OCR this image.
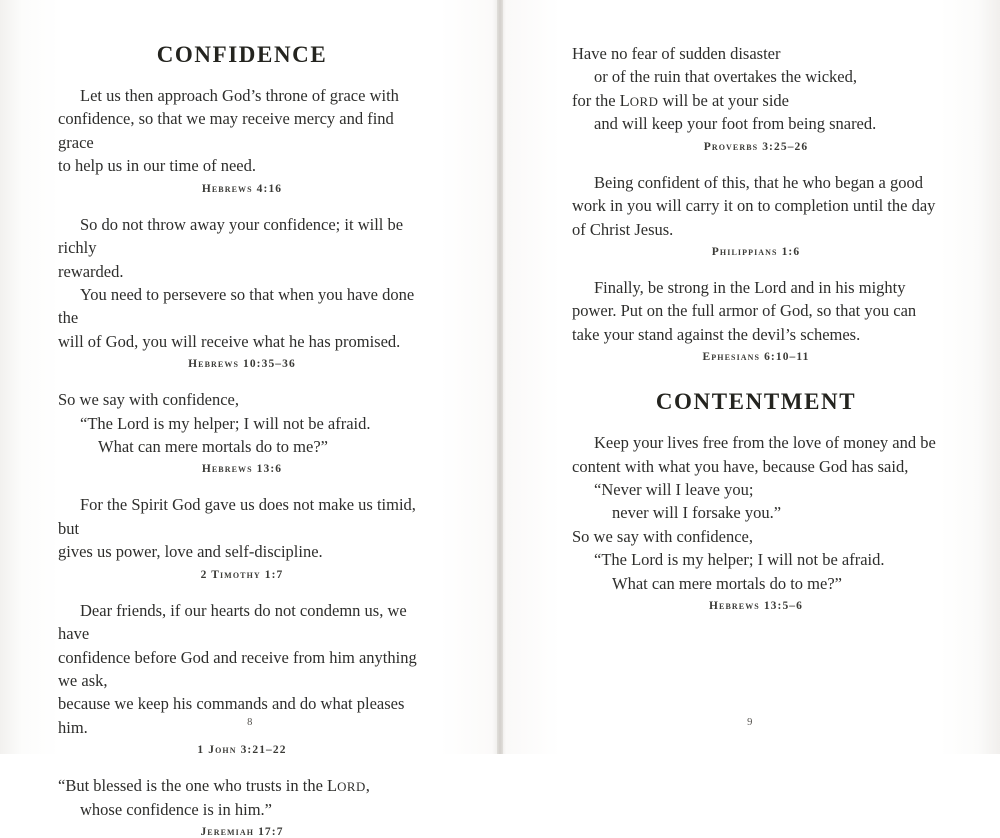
CONFIDENCE

Let us then approach God’s throne of grace with

confidence, so that we may receive mercy and find grace

to help us in our time of need.

Hebrews 4:16

So do not throw away your confidence; it will be richly

rewarded.

You need to persevere so that when you have done the

will of God, you will receive what he has promised.

Hebrews 10:35–36

So we say with confidence,

“The Lord is my helper; I will not be afraid.

What can mere mortals do to me?”

Hebrews 13:6

For the Spirit God gave us does not make us timid, but

gives us power, love and self-discipline.

2 Timothy 1:7

Dear friends, if our hearts do not condemn us, we have

confidence before God and receive from him anything we ask,

because we keep his commands and do what pleases him.

1 John 3:21–22

“But blessed is the one who trusts in the LORD,

whose confidence is in him.”

Jeremiah 17:7
8

Have no fear of sudden disaster

or of the ruin that overtakes the wicked,

for the LORD will be at your side

and will keep your foot from being snared.

Proverbs 3:25–26

Being confident of this, that he who began a good

work in you will carry it on to completion until the day

of Christ Jesus.

Philippians 1:6

Finally, be strong in the Lord and in his mighty

power. Put on the full armor of God, so that you can

take your stand against the devil’s schemes.

Ephesians 6:10–11
CONTENTMENT

Keep your lives free from the love of money and be

content with what you have, because God has said,

“Never will I leave you;

never will I forsake you.”

So we say with confidence,

“The Lord is my helper; I will not be afraid.

What can mere mortals do to me?”

Hebrews 13:5–6
9
